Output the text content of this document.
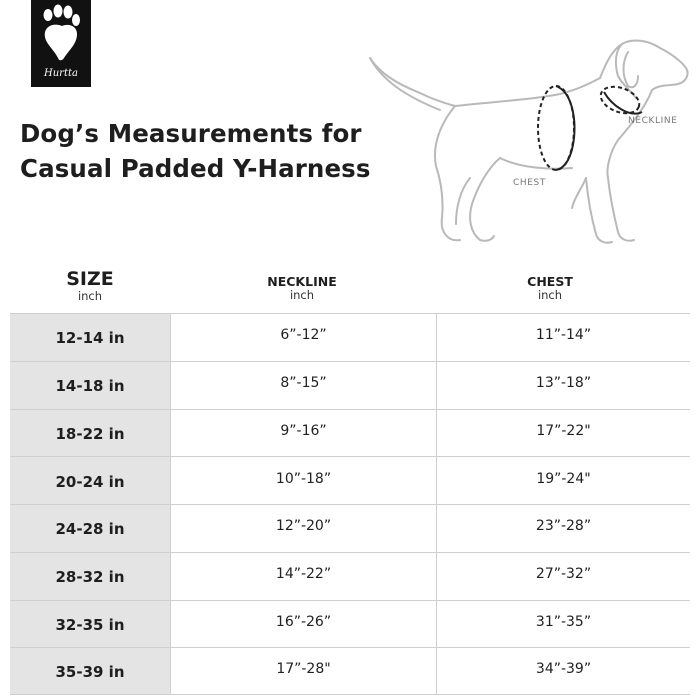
Hurtta
Dog’s Measurements for
Casual Padded Y-Harness
NECKLINE
CHEST
SIZE
inch
NECKLINE
inch
CHEST
inch
12-14 in	6”-12”	11”-14”
14-18 in	8”-15”	13”-18”
18-22 in	9”-16”	17”-22"
20-24 in	10”-18”	19”-24"
24-28 in	12”-20”	23”-28”
28-32 in	14”-22”	27”-32”
32-35 in	16”-26”	31”-35”
35-39 in	17”-28"	34”-39”
